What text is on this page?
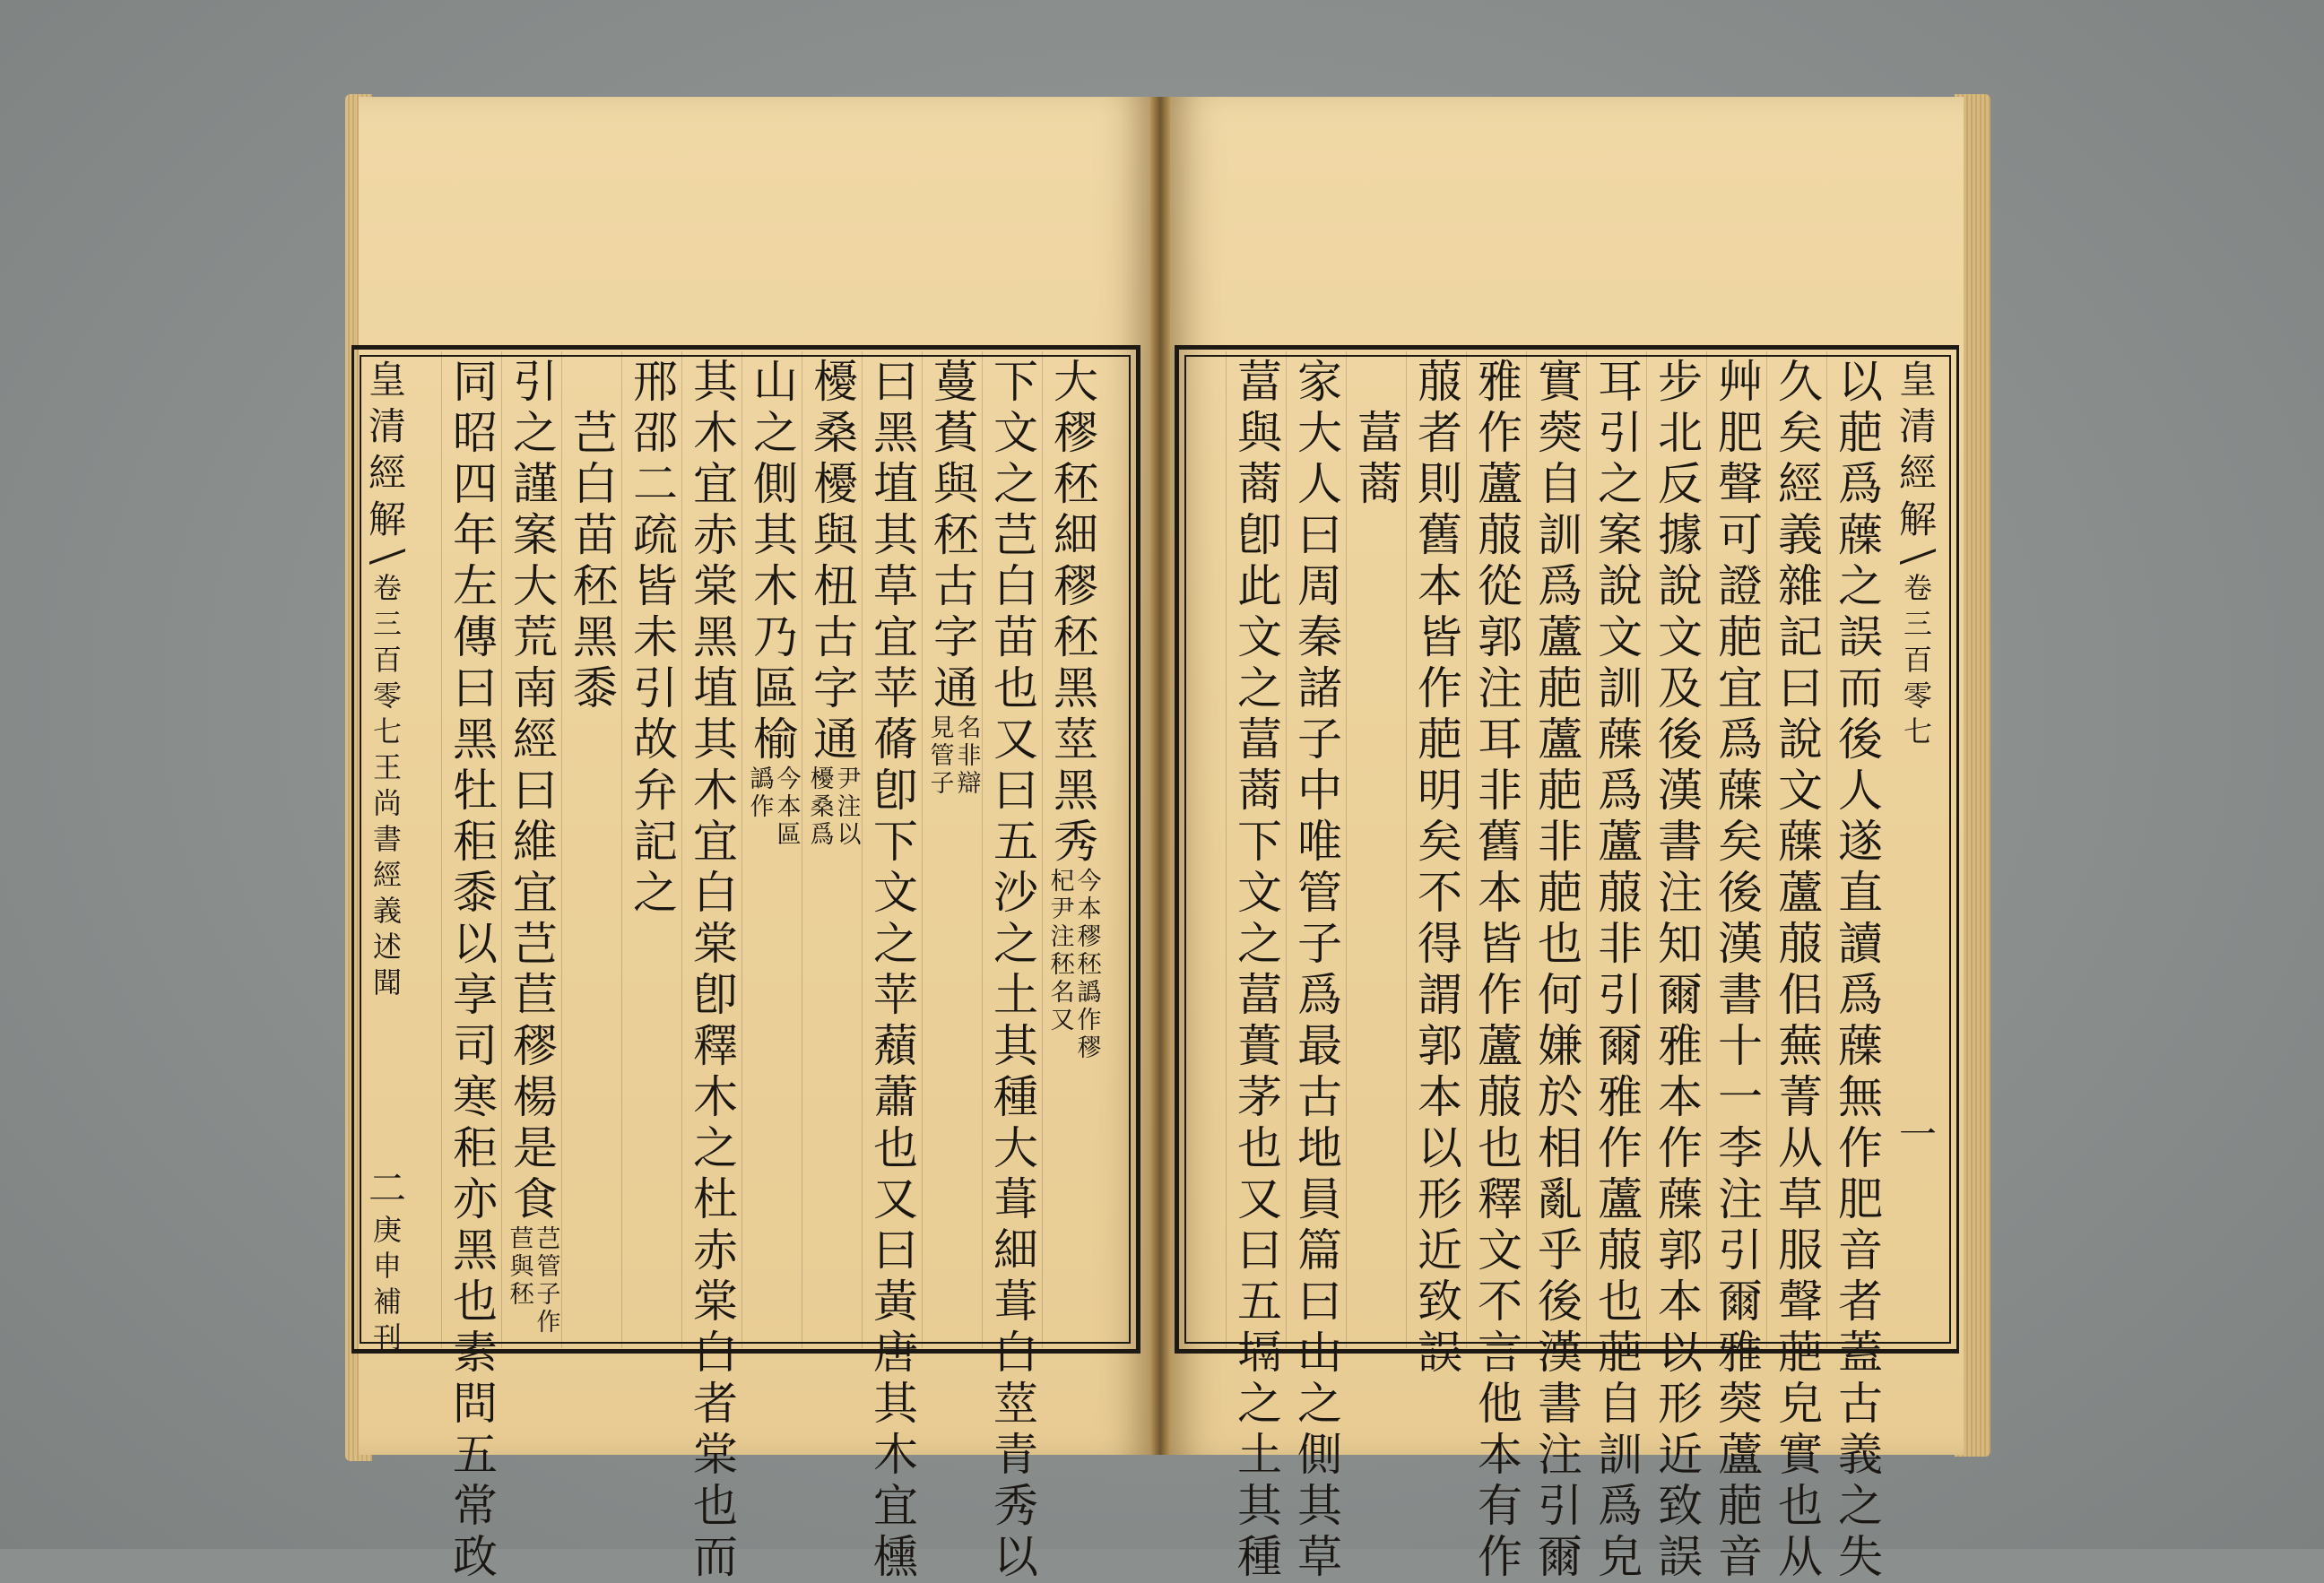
皇
清
經
解
卷
三
百
零
七
王
尚
書
經
義
述
聞
二
庚
申
補
刊
大
穋
秠
細
穋
秠
黑
莖
黑
秀
杞 今
尹 本
注 穋
秠 秠
名 譌
又 作
穋
下
文
之
芑
白
苗
也
又
曰
五
沙
之
土
其
種
大
葺
細
葺
白
莖
青
秀
以
蔓
萯
與
秠
古
字
通
見 名
管 非
子 辯
曰
黑
埴
其
草
宜
苹
蓨
卽
下
文
之
苹
蘈
蕭
也
又
曰
黃
唐
其
木
宜
櫄
櫌
桑
櫌
與
杻
古
字
通
櫌 尹
桑 注
爲 以
山
之
側
其
木
乃
區
榆
譌 今
作 本
區
其
木
宜
赤
棠
黑
埴
其
木
宜
白
棠
卽
釋
木
之
杜
赤
棠
白
者
棠
也
而
邢
邵
二
疏
皆
未
引
故
弁
記
之
芑
白
苗
秠
黑
黍
引
之
謹
案
大
荒
南
經
曰
維
宜
芑
苣
穋
楊
是
食
苣 芑
與 管
秠 子
作
同
昭
四
年
左
傳
曰
黑
牡
秬
黍
以
享
司
寒
秬
亦
黑
也
素
問
五
常
政
以
萉
爲
䕈
之
誤
而
後
人
遂
直
讀
爲
䕈
無
作
肥
音
者
蓋
古
義
之
失
久
矣
經
義
雜
記
曰
說
文
䕈
蘆
菔
佀
蕪
菁
从
草
服
聲
萉
皃
實
也
从
艸
肥
聲
可
證
萉
宜
爲
䕈
矣
後
漢
書
十
一
李
注
引
爾
雅
葖
蘆
萉
音
步
北
反
據
說
文
及
後
漢
書
注
知
爾
雅
本
作
䕈
郭
本
以
形
近
致
誤
耳
引
之
案
說
文
訓
䕈
爲
蘆
菔
非
引
爾
雅
作
蘆
菔
也
萉
自
訓
爲
皃
實
葖
自
訓
爲
蘆
萉
蘆
萉
非
萉
也
何
嫌
於
相
亂
乎
後
漢
書
注
引
爾
雅
作
蘆
菔
從
郭
注
耳
非
舊
本
皆
作
蘆
菔
也
釋
文
不
言
他
本
有
作
菔
者
則
舊
本
皆
作
萉
明
矣
不
得
謂
郭
本
以
形
近
致
誤
葍
蔏
家
大
人
曰
周
秦
諸
子
中
唯
管
子
爲
最
古
地
員
篇
曰
山
之
側
其
草
葍
與
蔏
卽
此
文
之
葍
蔏
下
文
之
葍
蕢
茅
也
又
曰
五
塥
之
土
其
種
皇
清
經
解
卷
三
百
零
七
一
